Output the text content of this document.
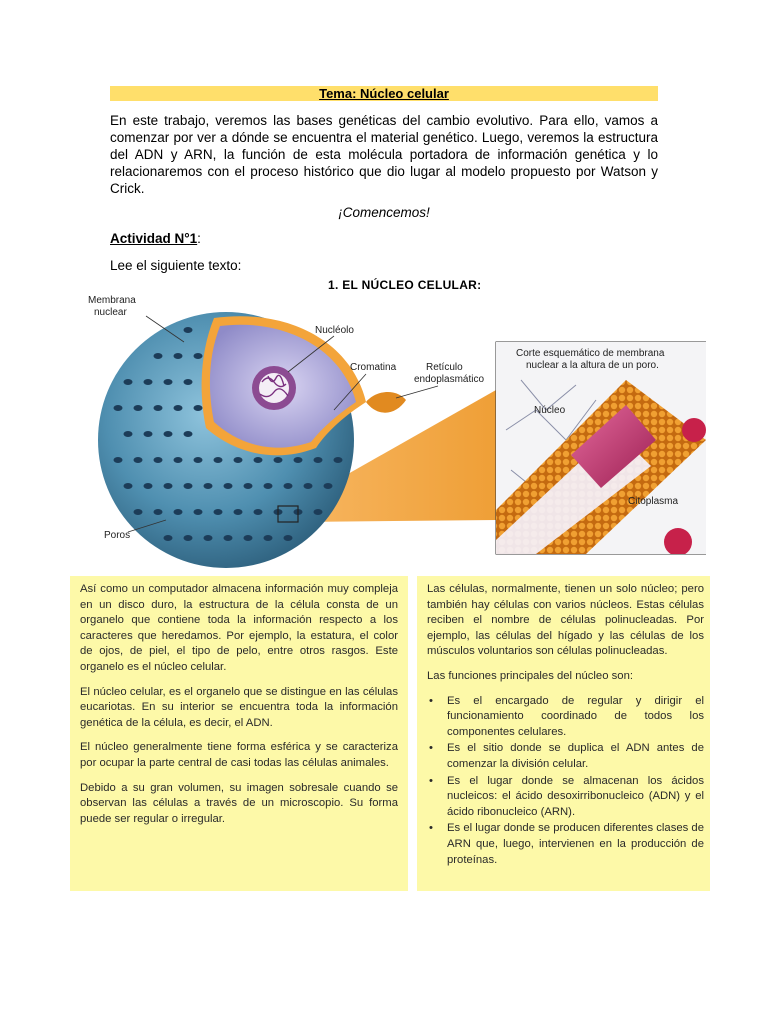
Tema: Núcleo celular

En este trabajo, veremos las bases genéticas del cambio evolutivo. Para ello, vamos a comenzar por ver a dónde se encuentra el material genético. Luego, veremos la estructura del ADN y ARN, la función de esta molécula portadora de información genética y lo relacionaremos con el proceso histórico que dio lugar al modelo propuesto por Watson y Crick.

¡Comencemos!
Actividad N°1:
Lee el siguiente texto:
1. EL NÚCLEO CELULAR:
Membrana
nuclear
Nucléolo
Cromatina	Retículo
endoplasmático
Poros
Corte esquemático de membrana
nuclear a la altura de un poro.
Núcleo
Citoplasma

Así como un computador almacena información muy compleja en un disco duro, la estructura de la célula consta de un organelo que contiene toda la información respecto a los caracteres que heredamos. Por ejemplo, la estatura, el color de ojos, de piel, el tipo de pelo, entre otros rasgos. Este organelo es el núcleo celular.

El núcleo celular, es el organelo que se distingue en las células eucariotas. En su interior se encuentra toda la información genética de la célula, es decir, el ADN.

El núcleo generalmente tiene forma esférica y se caracteriza por ocupar la parte central de casi todas las células animales.

Debido a su gran volumen, su imagen sobresale cuando se observan las células a través de un microscopio. Su forma puede ser regular o irregular.

Las células, normalmente, tienen un solo núcleo; pero también hay células con varios núcleos. Estas células reciben el nombre de células polinucleadas. Por ejemplo, las células del hígado y las células de los músculos voluntarios son células polinucleadas.

Las funciones principales del núcleo son:

• Es el encargado de regular y dirigir el funcionamiento coordinado de todos los componentes celulares.
• Es el sitio donde se duplica el ADN antes de comenzar la división celular.
• Es el lugar donde se almacenan los ácidos nucleicos: el ácido desoxirribonucleico (ADN) y el ácido ribonucleico (ARN).
• Es el lugar donde se producen diferentes clases de ARN que, luego, intervienen en la producción de proteínas.
